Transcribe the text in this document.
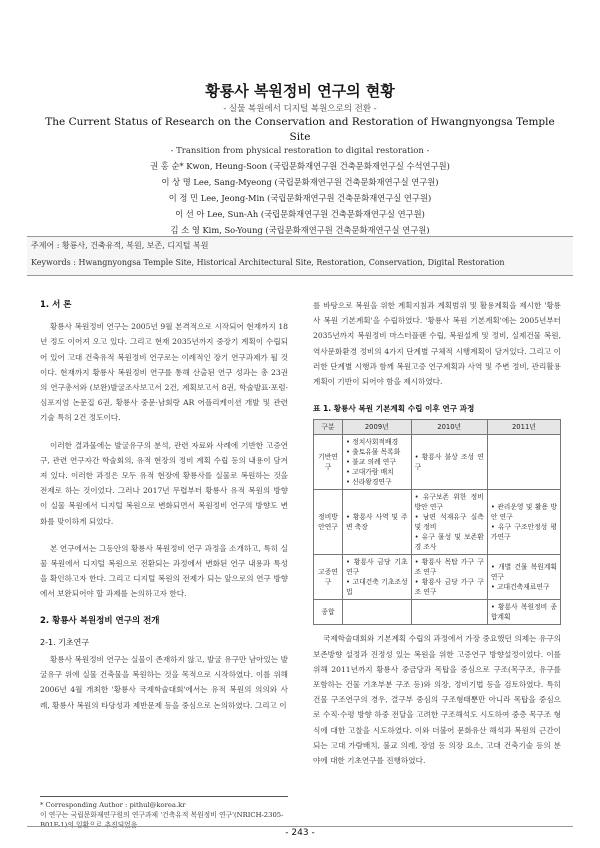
황룡사 복원정비 연구의 현황
- 실물 복원에서 디지털 복원으로의 전환 -
The Current Status of Research on the Conservation and Restoration of Hwangnyongsa Temple Site
- Transition from physical restoration to digital restoration -
권 홍 순* Kwon, Heung-Soon (국립문화재연구원 건축문화재연구실 수석연구원)
이 상 명 Lee, Sang-Myeong (국립문화재연구원 건축문화재연구실 연구원)
이 정 민 Lee, Jeong-Min (국립문화재연구원 건축문화재연구실 연구원)
이 선 아 Lee, Sun-Ah (국립문화재연구원 건축문화재연구실 연구원)
김 소 영 Kim, So-Young (국립문화재연구원 건축문화재연구실 연구원)
주제어 : 황룡사, 건축유적, 복원, 보존, 디지털 복원
Keywords : Hwangnyongsa Temple Site, Historical Architectural Site, Restoration, Conservation, Digital Restoration
1. 서 론

황룡사 복원정비 연구는 2005년 9월 본격적으로 시작되어 현재까지 18년 정도 이어져 오고 있다. 그리고 현재 2035년까지 중장기 계획이 수립되어 있어 고대 건축유적 복원정비 연구로는 이례적인 장기 연구과제가 될 것이다. 현재까지 황룡사 복원정비 연구를 통해 산출된 연구 성과는 총 23권의 연구총서와 (보완)발굴조사보고서 2건, 계획보고서 8권, 학술발표·포럼·심포지엄 논문집 6권, 황룡사 중문·남회랑 AR 어플리케이션 개발 및 관련 기술 특허 2건 정도이다.

이러한 결과물에는 발굴유구의 분석, 관련 자료와 사례에 기반한 고증연구, 관련 연구자간 학술회의, 유적 현장의 정비 계획 수립 등의 내용이 담겨져 있다. 이러한 과정은 모두 유적 현장에 황룡사를 실물로 복원하는 것을 전제로 하는 것이었다. 그러나 2017년 무렵부터 황룡사 유적 복원의 방향이 실물 복원에서 디지털 복원으로 변화되면서 복원정비 연구의 방향도 변화를 맞이하게 되었다.

본 연구에서는 그동안의 황룡사 복원정비 연구 과정을 소개하고, 특히 실물 복원에서 디지털 복원으로 전환되는 과정에서 변화된 연구 내용과 특성을 확인하고자 한다. 그리고 디지털 복원의 전제가 되는 앞으로의 연구 방향에서 보완되어야 할 과제를 논의하고자 한다.

2. 황룡사 복원정비 연구의 전개
2-1. 기초연구

황룡사 복원정비 연구는 실물이 존재하지 않고, 발굴 유구만 남아있는 발굴유구 위에 실물 건축물을 복원하는 것을 목적으로 시작하였다. 이를 위해 2006년 4월 개최한 '황룡사 국제학술대회'에서는 유적 복원의 의의와 사례, 황룡사 복원의 타당성과 제반문제 등을 중심으로 논의하였다. 그리고 이

를 바탕으로 복원을 위한 계획지침과 계획범위 및 활용계획을 제시한 '황룡사 복원 기본계획'을 수립하였다. '황룡사 복원 기본계획'에는 2005년부터 2035년까지 복원정비 마스터플랜 수립, 복원설계 및 정비, 실제건물 복원, 역사문화환경 정비의 4가지 단계별 구체적 시행계획이 담겨있다. 그리고 이러한 단계별 시행과 함께 복원고증 연구계획과 사역 및 주변 정비, 관리활용계획이 기반이 되어야 함을 제시하였다.

표 1. 황룡사 복원 기본계획 수립 이후 연구 과정
구분	2009년	2010년	2011년
기반연구	• 정치사회적배경
• 출토유물 목록화
• 불교 의례 연구
• 고대가람 배치
• 신라왕경연구	• 황룡사 불상 조성 연구	

정비방안연구	• 황룡사 사역 및 주변 축장	• 유구보존 위한 정비방안 연구
• 남편 석재유구 실측 및 정비
• 유구 물성 및 보존환경 조사	• 관리운영 및 활용 방안 연구
• 유구 구조안정성 평가연구

고증연구	• 황룡사 금당 기초연구
• 고대건축 기초조성법	• 황룡사 목탑 가구 구조 연구
• 황룡사 금당 가구 구조 연구	• 개별 건물 복원계획 연구
• 고대건축재료연구

종합			• 황룡사 복원정비 종합계획

국제학술대회와 기본계획 수립의 과정에서 가장 중요했던 의제는 유구의 보존방향 설정과 진정성 있는 복원을 위한 고증연구 방향설정이었다. 이를 위해 2011년까지 황룡사 중금당과 목탑을 중심으로 구조(목구조, 유구를 포함하는 건물 기초부분 구조 등)와 의장, 정비기법 등을 검토하였다. 특히 건물 구조연구의 경우, 결구부 중심의 구조형태뿐만 아니라 목탑을 중심으로 수직·수평 방향 하중 전달을 고려한 구조해석도 시도하여 중층 목구조 형식에 대한 고찰을 시도하였다. 이와 더불어 문화유산 해석과 복원의 근간이 되는 고대 가람배치, 불교 의례, 장엄 등 의장 요소, 고대 건축기술 등의 분야에 대한 기초연구를 진행하였다.

* Corresponding Author : pithul@korea.kr
이 연구는 국립문화재연구원의 연구과제 '건축유적 복원정비 연구'(NRICH-2305-B01F-1)의 일환으로 추진되었음.
- 243 -
